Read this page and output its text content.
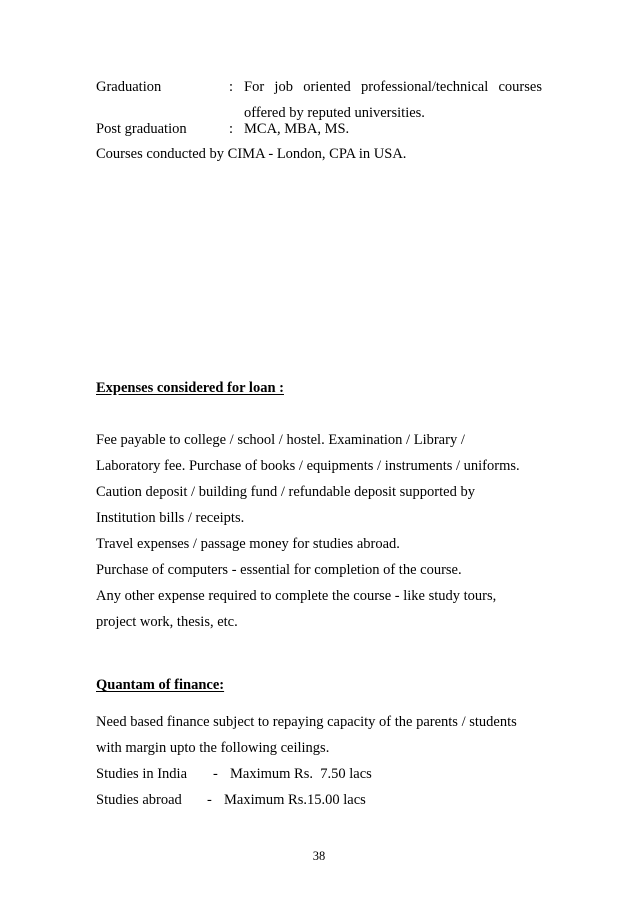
Graduation	: For job oriented professional/technical courses
offered by reputed universities.
Post graduation	: MCA, MBA, MS.
Courses conducted by CIMA - London, CPA in USA.
Expenses considered for loan :
Fee payable to college / school / hostel. Examination / Library /
Laboratory fee. Purchase of books / equipments / instruments / uniforms.
Caution deposit / building fund / refundable deposit supported by
Institution bills / receipts.
Travel expenses / passage money for studies abroad.
Purchase of computers - essential for completion of the course.
Any other expense required to complete the course - like study tours,
project work, thesis, etc.
Quantam of finance:
Need based finance subject to repaying capacity of the parents / students
with margin upto the following ceilings.
Studies in India - Maximum Rs.  7.50 lacs
Studies abroad - Maximum Rs.15.00 lacs
38
